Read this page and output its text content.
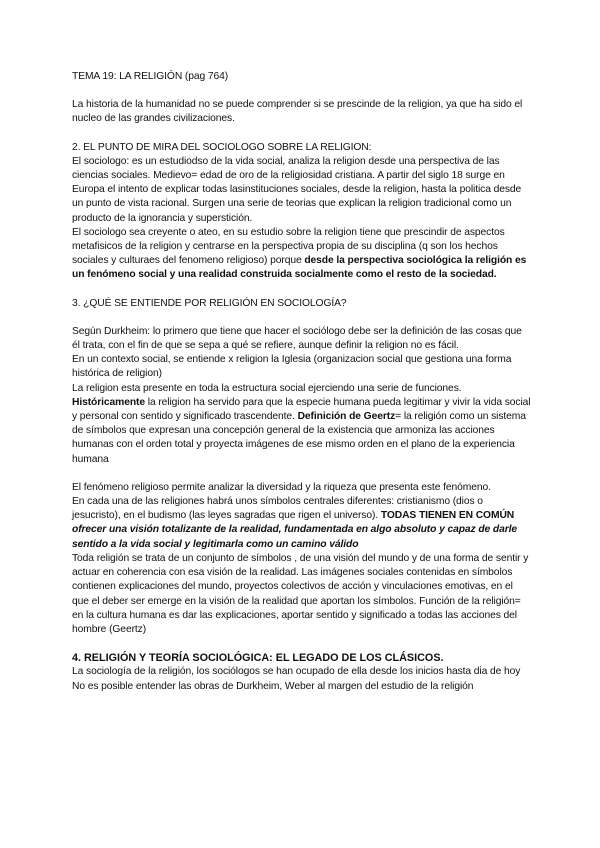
TEMA 19: LA RELIGIÓN (pag 764)

La historia de la humanidad no se puede comprender si se prescinde de la religion, ya que ha sido el nucleo de las grandes civilizaciones.

2. EL PUNTO DE MIRA DEL SOCIOLOGO SOBRE LA RELIGION:

El sociologo: es un estudiodso de la vida social, analiza la religion desde una perspectiva de las ciencias sociales. Medievo= edad de oro de la religiosidad cristiana. A partir del siglo 18 surge en Europa el intento de explicar todas lasinstituciones sociales, desde la religion, hasta la politica desde un punto de vista racional. Surgen una serie de teorias que explican la religion tradicional como un producto de la ignorancia y superstición.

El sociologo sea creyente o ateo, en su estudio sobre la religion tiene que prescindir de aspectos metafisicos de la religion y centrarse en la perspectiva propia de su disciplina (q son los hechos sociales y culturaes del fenomeno religioso) porque desde la perspectiva sociológica la religión es un fenómeno social y una realidad construida socialmente como el resto de la sociedad.

3. ¿QUÉ SE ENTIENDE POR RELIGIÓN EN SOCIOLOGÍA?

Según Durkheim: lo primero que tiene que hacer el sociólogo debe ser la definición de las cosas que él trata, con el fin de que se sepa a qué se refiere, aunque definir la religion no es fácil.

En un contexto social, se entiende x religion la Iglesia (organizacion social que gestiona una forma histórica de religion)

La religion esta presente en toda la estructura social ejerciendo una serie de funciones.

Históricamente la religion ha servido para que la especie humana pueda legitimar y vivir la vida social y personal con sentido y significado trascendente. Definición de Geertz= la religión como un sistema de símbolos que expresan una concepción general de la existencia que armoniza las acciones humanas con el orden total y proyecta imágenes de ese mismo orden en el plano de la experiencia humana

El fenómeno religioso permite analizar la diversidad y la riqueza que presenta este fenómeno.

En cada una de las religiones habrá unos símbolos centrales diferentes: cristianismo (dios o jesucristo), en el budismo (las leyes sagradas que rigen el universo). TODAS TIENEN EN COMÚN ofrecer una visión totalizante de la realidad, fundamentada en algo absoluto y capaz de darle sentido a la vida social y legitimarla como un camino válido

Toda religión se trata de un conjunto de símbolos , de una visión del mundo y de una forma de sentir y actuar en coherencia con esa visión de la realidad. Las imágenes sociales contenidas en símbolos contienen explicaciones del mundo, proyectos colectivos de acción y vinculaciones emotivas, en el que el deber ser emerge en la visión de la realidad que aportan los símbolos. Función de la religión= en la cultura humana es dar las explicaciones, aportar sentido y significado a todas las acciones del hombre (Geertz)

4. RELIGIÓN Y TEORÍA SOCIOLÓGICA: EL LEGADO DE LOS CLÁSICOS.

La sociología de la religión, los sociólogos se han ocupado de ella desde los inicios hasta dia de hoy

No es posible entender las obras de Durkheim, Weber al margen del estudio de la religión
